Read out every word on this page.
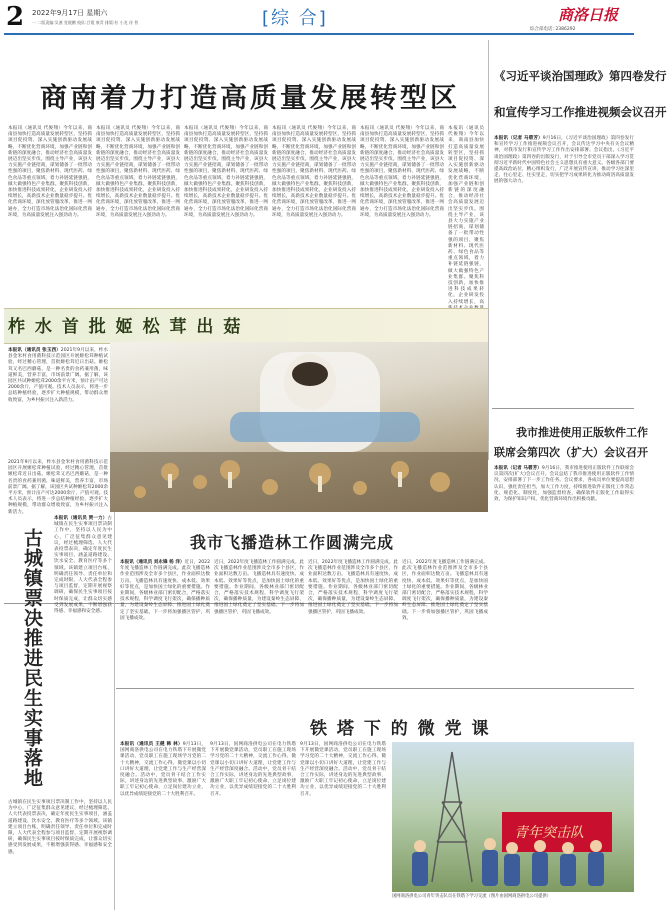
2 2022年9月17日 星期六
一 二版责编:吴凛 党媛鹏 校队:吕霞 康青 排版:杜 小龙 佟 普	[综 合]	商洛日报
综合部电话: 2386292
商南着力打造高质量发展转型区
本报讯（通讯员 代俊翔）今年以来，商南县加快打造高质量发展转型区，坚持抓项目促投资、深入实施创新驱动发展战略，不断优化营商环境，加强产业链和创新链的深度融合，推动经济社会高质量发展迈出坚实步伐。围绕主导产业，该县大力实施产业链招商，谋划储备了一批带动性强的项目，聚焦新材料、现代医药、绿色食品等重点领域，着力补链延链强链，做大做强特色产业集群。聚焦科技创新，加快推进科技成果转化，企业研发投入持续增长，高新技术企业数量稳步提升。优化营商环境，深化放管服改革，推进一网通办，全力打造市场化法治化国际化营商环境，为高质量发展注入强劲动力。
本报讯（通讯员 代俊翔）今年以来，商南县加快打造高质量发展转型区，坚持抓项目促投资、深入实施创新驱动发展战略，不断优化营商环境，加强产业链和创新链的深度融合，推动经济社会高质量发展迈出坚实步伐。围绕主导产业，该县大力实施产业链招商，谋划储备了一批带动性强的项目，聚焦新材料、现代医药、绿色食品等重点领域，着力补链延链强链，做大做强特色产业集群。聚焦科技创新，加快推进科技成果转化，企业研发投入持续增长，高新技术企业数量稳步提升。优化营商环境，深化放管服改革，推进一网通办，全力打造市场化法治化国际化营商环境，为高质量发展注入强劲动力。
本报讯（通讯员 代俊翔）今年以来，商南县加快打造高质量发展转型区，坚持抓项目促投资、深入实施创新驱动发展战略，不断优化营商环境，加强产业链和创新链的深度融合，推动经济社会高质量发展迈出坚实步伐。围绕主导产业，该县大力实施产业链招商，谋划储备了一批带动性强的项目，聚焦新材料、现代医药、绿色食品等重点领域，着力补链延链强链，做大做强特色产业集群。聚焦科技创新，加快推进科技成果转化，企业研发投入持续增长，高新技术企业数量稳步提升。优化营商环境，深化放管服改革，推进一网通办，全力打造市场化法治化国际化营商环境，为高质量发展注入强劲动力。
本报讯（通讯员 代俊翔）今年以来，商南县加快打造高质量发展转型区，坚持抓项目促投资、深入实施创新驱动发展战略，不断优化营商环境，加强产业链和创新链的深度融合，推动经济社会高质量发展迈出坚实步伐。围绕主导产业，该县大力实施产业链招商，谋划储备了一批带动性强的项目，聚焦新材料、现代医药、绿色食品等重点领域，着力补链延链强链，做大做强特色产业集群。聚焦科技创新，加快推进科技成果转化，企业研发投入持续增长，高新技术企业数量稳步提升。优化营商环境，深化放管服改革，推进一网通办，全力打造市场化法治化国际化营商环境，为高质量发展注入强劲动力。
本报讯（通讯员 代俊翔）今年以来，商南县加快打造高质量发展转型区，坚持抓项目促投资、深入实施创新驱动发展战略，不断优化营商环境，加强产业链和创新链的深度融合，推动经济社会高质量发展迈出坚实步伐。围绕主导产业，该县大力实施产业链招商，谋划储备了一批带动性强的项目，聚焦新材料、现代医药、绿色食品等重点领域，着力补链延链强链，做大做强特色产业集群。聚焦科技创新，加快推进科技成果转化，企业研发投入持续增长，高新技术企业数量稳步提升。优化营商环境，深化放管服改革，推进一网通办，全力打造市场化法治化国际化营商环境，为高质量发展注入强劲动力。
本报讯（通讯员 代俊翔）今年以来，商南县加快打造高质量发展转型区，坚持抓项目促投资、深入实施创新驱动发展战略，不断优化营商环境，加强产业链和创新链的深度融合，推动经济社会高质量发展迈出坚实步伐。围绕主导产业，该县大力实施产业链招商，谋划储备了一批带动性强的项目，聚焦新材料、现代医药、绿色食品等重点领域，着力补链延链强链，做大做强特色产业集群。聚焦科技创新，加快推进科技成果转化，企业研发投入持续增长，高
《习近平谈治国理政》第四卷发行
和宣传学习工作推进视频会议召开
本报讯（记者 马碧芳）9月16日，《习近平谈治国理政》第四卷发行和宣传学习工作推进视频会议召开，会议传达学习中央有关会议精神，对我市发行和宣传学习工作作出安排部署。会议指出，《习近平谈治国理政》第四卷的出版发行，对于引导全市党员干部深入学习贯彻习近平新时代中国特色社会主义思想具有重大意义。各级各部门要提高政治站位，精心组织发行，广泛开展宣传宣讲，推动学习往深里走、往心里走、往实里走，切实把学习成果转化为推动商洛高质量发展的强大动力。
我市推进使用正版软件工作
联席会第四次（扩大）会议召开
本报讯（记者 马碧芳）9月16日，我市推进使用正版软件工作联席会议第四次(扩大)会议召开。会议总结了我市推进使用正版软件工作情况，安排部署了下一步工作任务。会议要求，各成员单位要提高思想认识，强化责任担当，加大工作力度，持续推进软件正版化工作常态化、规范化、制度化，加强监督检查，确保软件正版化工作取得实效，为保护知识产权、优化营商环境作出积极贡献。
柞 水 首 批 姬 松 茸 出 菇
本报讯（通讯员 张玉西）2021年9月以来，柞水县金米村食用菌科技示范园区开展姬松茸种植试验，经过精心管理，首批姬松茸近日出菇。姬松茸又名巴西蘑菇，是一种名贵的食药兼用菌，味道鲜美，营养丰富，市场前景广阔。据了解，该园区共试种姬松茸2000余平方米，预计亩产可达2000余斤，产值可观。技术人员表示，将进一步总结种植经验，逐步扩大种植规模，带动群众增收致富，为乡村振兴注入新活力。
2021年9月以来，柞水县金米村食用菌科技示范园区开展姬松茸种植试验，经过精心管理，首批姬松茸近日出菇。姬松茸又名巴西蘑菇，是一种名贵的食药兼用菌，味道鲜美，营养丰富，市场前景广阔。据了解，该园区共试种姬松茸2000余平方米，预计亩产可达2000余斤，产值可观。技术人员表示，将进一步总结种植经验，逐步扩大种植规模，带动群众增收致富，为乡村振兴注入新活力。
古城镇票决推进民生实事落地
本报讯（通讯员 贾一力）古城镇在民生实事项目票决制工作中，坚持以人民为中心，广泛征集群众意见建议，经过梳理筛选、人大代表投票表决，确定年度民生实事项目，涵盖道路建设、饮水安全、教育医疗等多个领域。该镇建立项目台账，明确责任领导、责任单位和完成时限，人大代表全程参与项目监督，定期开展视察调研，确保民生实事项目按时保质完成，让群众切实感受到发展成果，不断增强获得感、幸福感和安全感。
古城镇在民生实事项目票决制工作中，坚持以人民为中心，广泛征集群众意见建议，经过梳理筛选、人大代表投票表决，确定年度民生实事项目，涵盖道路建设、饮水安全、教育医疗等多个领域。该镇建立项目台账，明确责任领导、责任单位和完成时限，人大代表全程参与项目监督，定期开展视察调研，确保民生实事项目按时保质完成，让群众切实感受到发展成果，不断增强获得感、幸福感和安全感。
我市飞播造林工作圆满完成
本报讯（通讯员 刘永锋 杨 洋）近日，2022年度飞播造林工作圆满完成。此次飞播造林作业范围涉及全市多个县区，作业面积达数万亩。飞播造林具有速度快、成本低、效果好等优点，是加快国土绿化的重要措施。作业期间，各级林业部门密切配合，严格落实技术规程，科学调度飞行架次，确保播种质量，为建设秦岭生态屏障、推进国土绿化奠定了坚实基础。下一步将加强播区管护，巩固飞播成效。
近日，2022年度飞播造林工作圆满完成。此次飞播造林作业范围涉及全市多个县区，作业面积达数万亩。飞播造林具有速度快、成本低、效果好等优点，是加快国土绿化的重要措施。作业期间，各级林业部门密切配合，严格落实技术规程，科学调度飞行架次，确保播种质量，为建设秦岭生态屏障、推进国土绿化奠定了坚实基础。下一步将加强播区管护，巩固飞播成效。
近日，2022年度飞播造林工作圆满完成。此次飞播造林作业范围涉及全市多个县区，作业面积达数万亩。飞播造林具有速度快、成本低、效果好等优点，是加快国土绿化的重要措施。作业期间，各级林业部门密切配合，严格落实技术规程，科学调度飞行架次，确保播种质量，为建设秦岭生态屏障、推进国土绿化奠定了坚实基础。下一步将加强播区管护，巩固飞播成效。
近日，2022年度飞播造林工作圆满完成。此次飞播造林作业范围涉及全市多个县区，作业面积达数万亩。飞播造林具有速度快、成本低、效果好等优点，是加快国土绿化的重要措施。作业期间，各级林业部门密切配合，严格落实技术规程，科学调度飞行架次，确保播种质量，为建设秦岭生态屏障、推进国土绿化奠定了坚实基础。下一步将加强播区管护，巩固飞播成效。
铁 塔 下 的 微 党 课
本报讯（通讯员 王健 韩 林）9月13日，国网商洛供电公司在电力铁塔下开展微党课活动，党员职工在施工现场学习党的二十大精神，交流工作心得。微党课以小切口讲好大道理，让党建工作与生产经营深度融合。活动中，党员骨干结合工作实际，讲述身边的先进典型故事，激励广大职工牢记初心使命，立足岗位建功立业，以优异成绩迎接党的二十大胜利召开。
9月13日，国网商洛供电公司在电力铁塔下开展微党课活动，党员职工在施工现场学习党的二十大精神，交流工作心得。微党课以小切口讲好大道理，让党建工作与生产经营深度融合。活动中，党员骨干结合工作实际，讲述身边的先进典型故事，激励广大职工牢记初心使命，立足岗位建功立业，以优异成绩迎接党的二十大胜利召开。
9月13日，国网商洛供电公司在电力铁塔下开展微党课活动，党员职工在施工现场学习党的二十大精神，交流工作心得。微党课以小切口讲好大道理，让党建工作与生产经营深度融合。活动中，党员骨干结合工作实际，讲述身边的先进典型故事，激励广大职工牢记初心使命，立足岗位建功立业，以优异成绩迎接党的二十大胜利召开。
青年突击队
国网商洛供电公司青年突击队员在铁塔下学习交流（图片由国网商洛供电公司提供）
